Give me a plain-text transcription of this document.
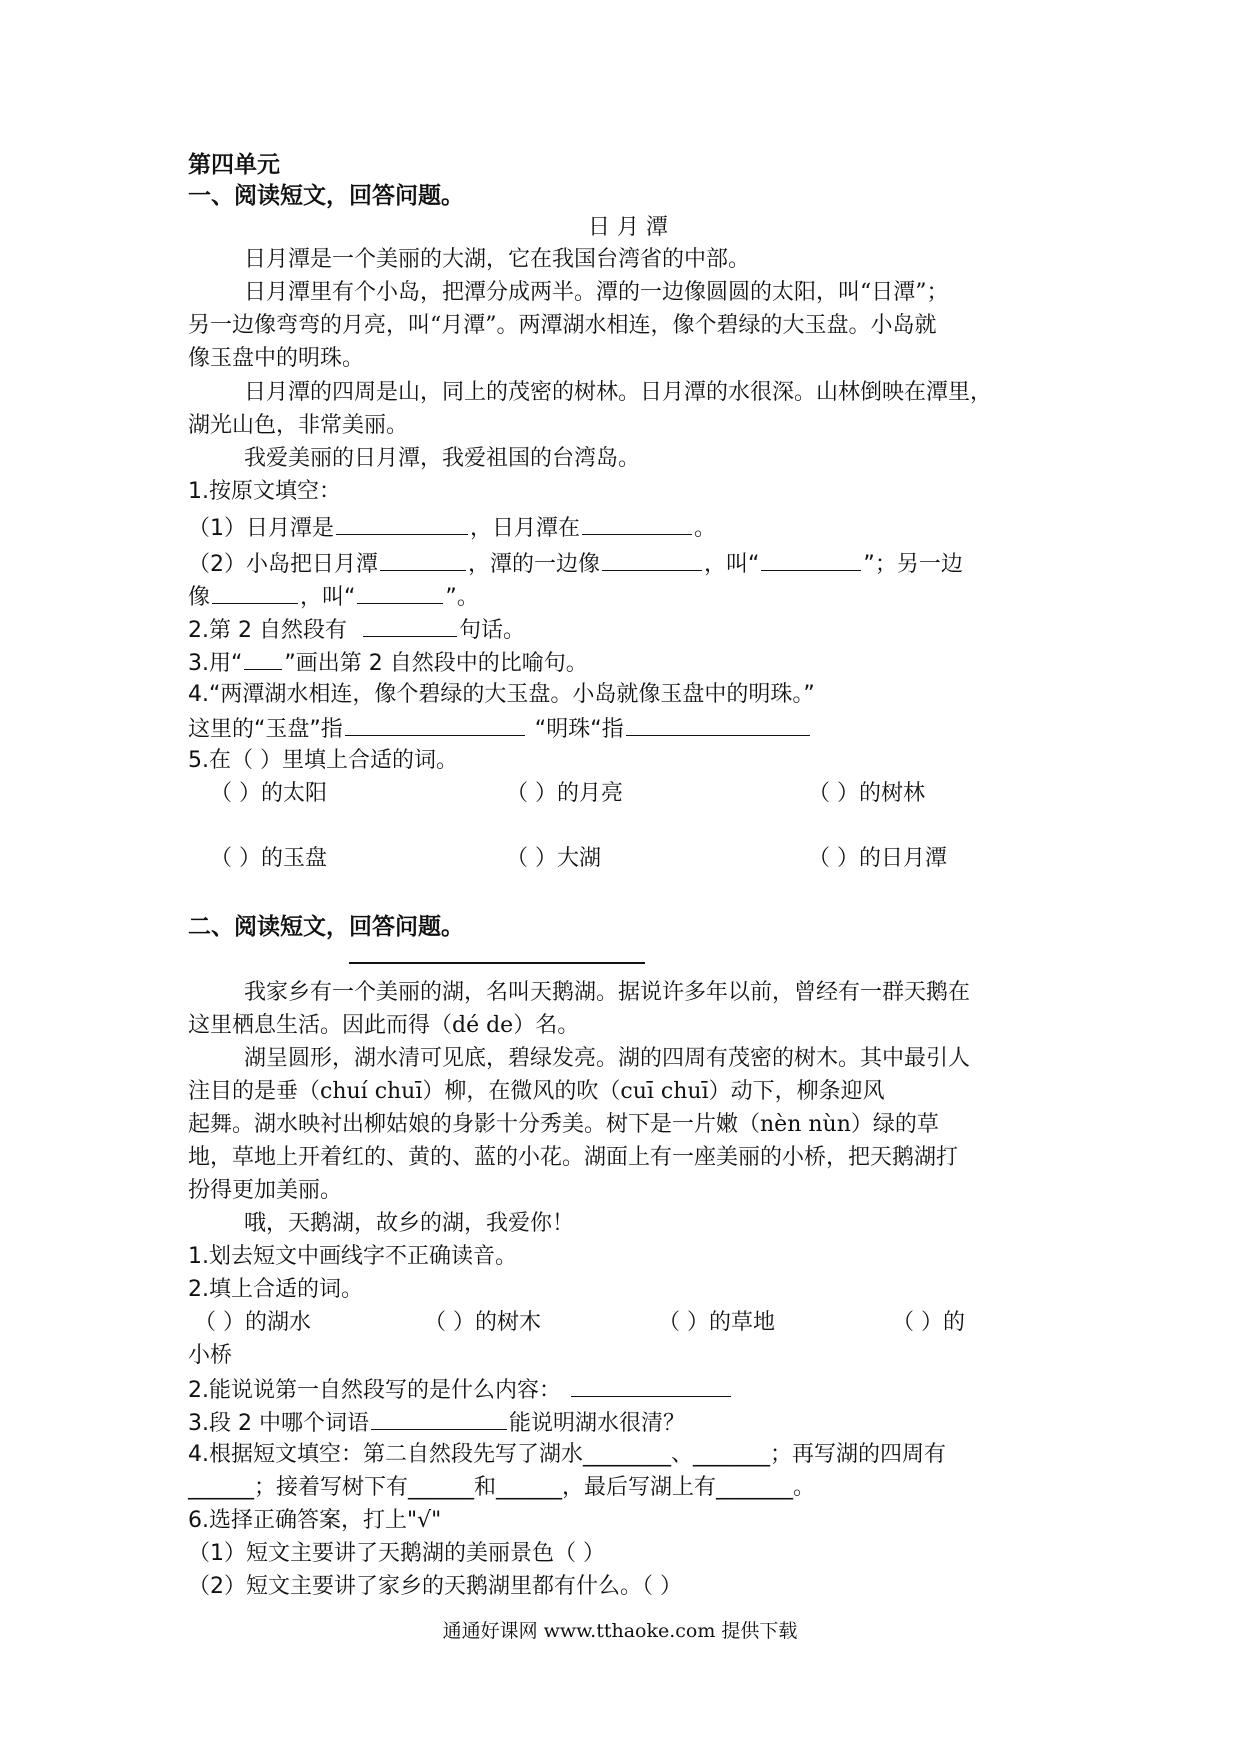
第四单元
一、阅读短文，回答问题。
日 月 潭
日月潭是一个美丽的大湖，它在我国台湾省的中部。
日月潭里有个小岛，把潭分成两半。潭的一边像圆圆的太阳，叫“日潭”；
另一边像弯弯的月亮，叫“月潭”。两潭湖水相连，像个碧绿的大玉盘。小岛就
像玉盘中的明珠。
日月潭的四周是山，同上的茂密的树林。日月潭的水很深。山林倒映在潭里，
湖光山色，非常美丽。
我爱美丽的日月潭，我爱祖国的台湾岛。
1.按原文填空：
（1）日月潭是	，日月潭在	。
（2）小岛把日月潭	，潭的一边像	，叫“	”；另一边
像	，叫“	”。
2.第 2 自然段有	句话。
3.用“ ”画出第 2 自然段中的比喻句。
4.“两潭湖水相连，像个碧绿的大玉盘。小岛就像玉盘中的明珠。”
这里的“玉盘”指	“明珠“指
5.在（ ）里填上合适的词。
（ ）的太阳	（ ）的月亮	（ ）的树林
（ ）的玉盘	（ ）大湖	（ ）的日月潭
二、阅读短文，回答问题。
我家乡有一个美丽的湖，名叫天鹅湖。据说许多年以前，曾经有一群天鹅在
这里栖息生活。因此而得（dé de）名。
湖呈圆形，湖水清可见底，碧绿发亮。湖的四周有茂密的树木。其中最引人
注目的是垂（chuí chuī）柳，在微风的吹（cuī chuī）动下，柳条迎风
起舞。湖水映衬出柳姑娘的身影十分秀美。树下是一片嫩（nèn nùn）绿的草
地，草地上开着红的、黄的、蓝的小花。湖面上有一座美丽的小桥，把天鹅湖打
扮得更加美丽。
哦，天鹅湖，故乡的湖，我爱你！
1.划去短文中画线字不正确读音。
2.填上合适的词。
（ ）的湖水	（ ）的树木	（ ）的草地	（ ）的
小桥
2.能说说第一自然段写的是什么内容：
3.段 2 中哪个词语	能说明湖水很清？
4.根据短文填空：第二自然段先写了湖水________、_______；再写湖的四周有
______；接着写树下有______和______，最后写湖上有_______。
6.选择正确答案，打上"√"
（1）短文主要讲了天鹅湖的美丽景色（ ）
（2）短文主要讲了家乡的天鹅湖里都有什么。（ ）
通通好课网 www.tthaoke.com 提供下载
